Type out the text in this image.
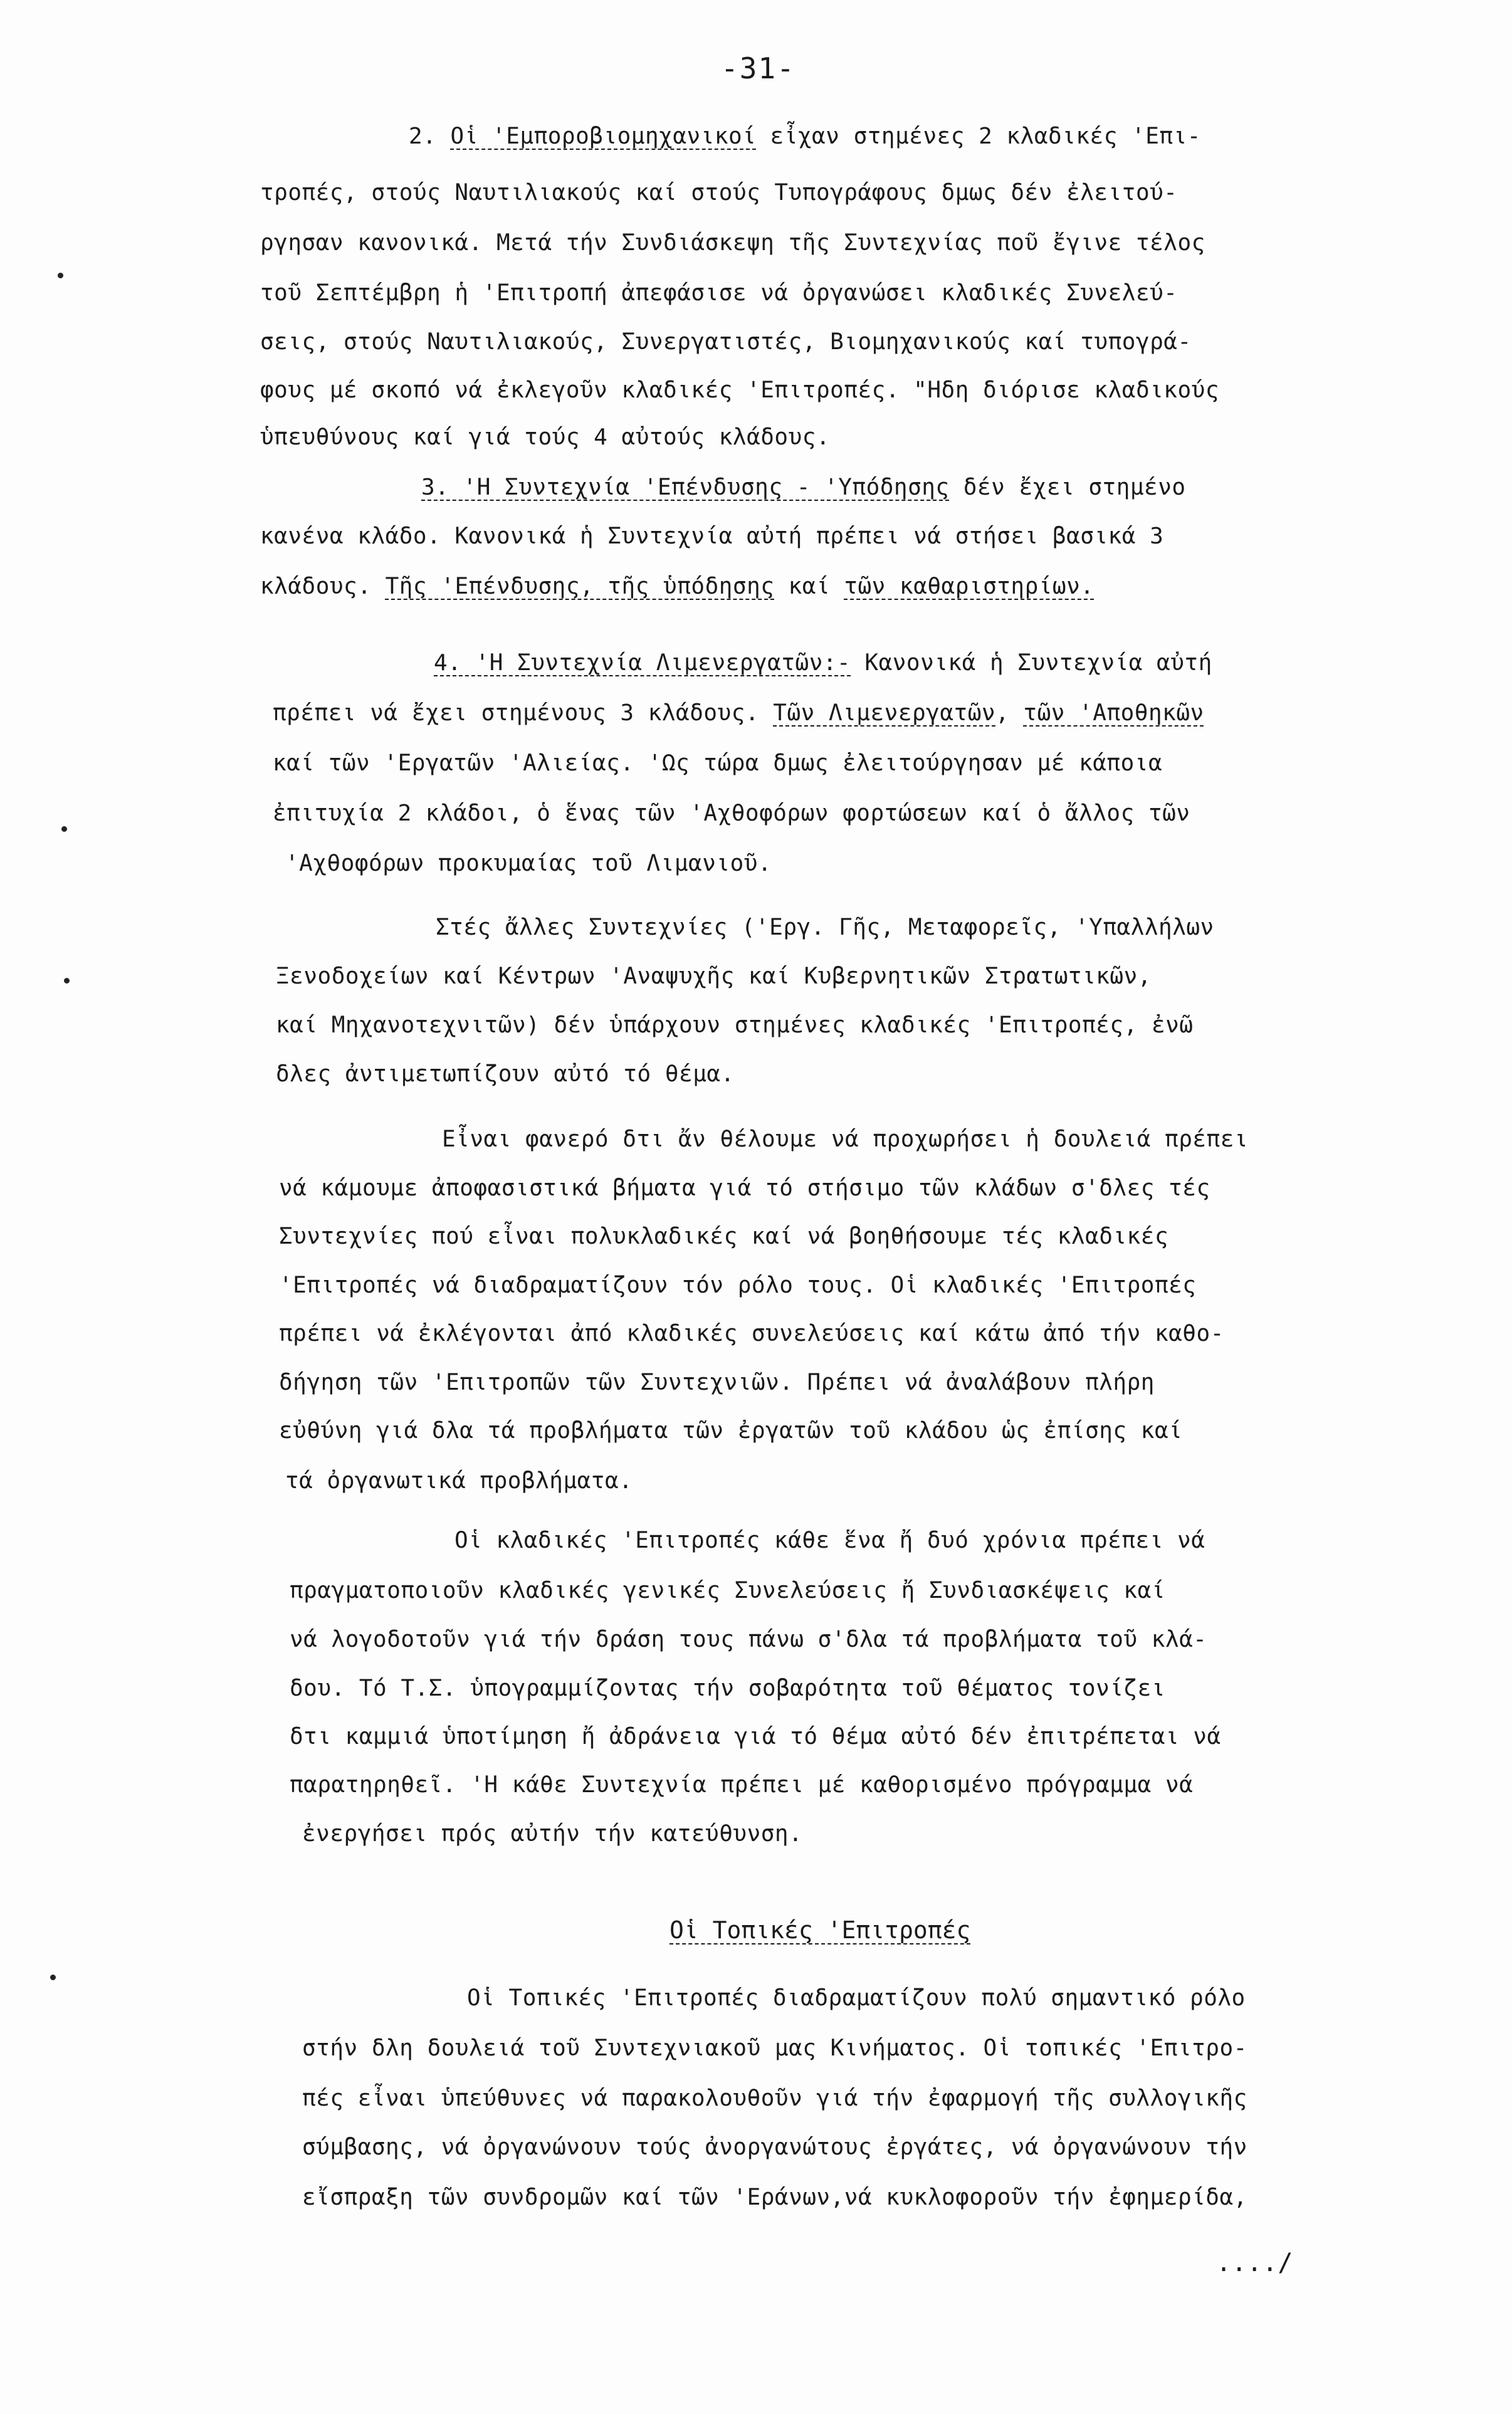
-31-
2. Οἱ 'Εμποροβιομηχανικοί εἶχαν στημένες 2 κλαδικές 'Επι-
τροπές, στούς Ναυτιλιακούς καί στούς Τυπογράφους δμως δέν ἐλειτού-
ργησαν κανονικά. Μετά τήν Συνδιάσκεψη τῆς Συντεχνίας ποῦ ἔγινε τέλος
τοῦ Σεπτέμβρη ἡ 'Επιτροπή ἀπεφάσισε νά ὀργανώσει κλαδικές Συνελεύ-
σεις, στούς Ναυτιλιακούς, Συνεργατιστές, Βιομηχανικούς καί τυπογρά-
φους μέ σκοπό νά ἐκλεγοῦν κλαδικές 'Επιτροπές. "Ηδη διόρισε κλαδικούς
ὑπευθύνους καί γιά τούς 4 αὐτούς κλάδους.
3. 'Η Συντεχνία 'Επένδυσης - 'Υπόδησης δέν ἔχει στημένο
κανένα κλάδο. Κανονικά ἡ Συντεχνία αὐτή πρέπει νά στήσει βασικά 3
κλάδους. Τῆς 'Επένδυσης, τῆς ὑπόδησης καί τῶν καθαριστηρίων.
4. 'Η Συντεχνία Λιμενεργατῶν:- Κανονικά ἡ Συντεχνία αὐτή
πρέπει νά ἔχει στημένους 3 κλάδους. Τῶν Λιμενεργατῶν, τῶν 'Αποθηκῶν
καί τῶν 'Εργατῶν 'Αλιείας. 'Ως τώρα δμως ἐλειτούργησαν μέ κάποια
ἐπιτυχία 2 κλάδοι, ὁ ἕνας τῶν 'Αχθοφόρων φορτώσεων καί ὁ ἄλλος τῶν
'Αχθοφόρων προκυμαίας τοῦ Λιμανιοῦ.
Στές ἄλλες Συντεχνίες ('Εργ. Γῆς, Μεταφορεῖς, 'Υπαλλήλων
Ξενοδοχείων καί Κέντρων 'Αναψυχῆς καί Κυβερνητικῶν Στρατωτικῶν,
καί Μηχανοτεχνιτῶν) δέν ὑπάρχουν στημένες κλαδικές 'Επιτροπές, ἐνῶ
δλες ἀντιμετωπίζουν αὐτό τό θέμα.
Εἶναι φανερό δτι ἄν θέλουμε νά προχωρήσει ἡ δουλειά πρέπει
νά κάμουμε ἀποφασιστικά βήματα γιά τό στήσιμο τῶν κλάδων σ'δλες τές
Συντεχνίες πού εἶναι πολυκλαδικές καί νά βοηθήσουμε τές κλαδικές
'Επιτροπές νά διαδραματίζουν τόν ρόλο τους. Οἱ κλαδικές 'Επιτροπές
πρέπει νά ἐκλέγονται ἀπό κλαδικές συνελεύσεις καί κάτω ἀπό τήν καθο-
δήγηση τῶν 'Επιτροπῶν τῶν Συντεχνιῶν. Πρέπει νά ἀναλάβουν πλήρη
εὐθύνη γιά δλα τά προβλήματα τῶν ἐργατῶν τοῦ κλάδου ὡς ἐπίσης καί
τά ὀργανωτικά προβλήματα.
Οἱ κλαδικές 'Επιτροπές κάθε ἕνα ἤ δυό χρόνια πρέπει νά
πραγματοποιοῦν κλαδικές γενικές Συνελεύσεις ἤ Συνδιασκέψεις καί
νά λογοδοτοῦν γιά τήν δράση τους πάνω σ'δλα τά προβλήματα τοῦ κλά-
δου. Τό Τ.Σ. ὑπογραμμίζοντας τήν σοβαρότητα τοῦ θέματος τονίζει
δτι καμμιά ὑποτίμηση ἤ ἀδράνεια γιά τό θέμα αὐτό δέν ἐπιτρέπεται νά
παρατηρηθεῖ. 'Η κάθε Συντεχνία πρέπει μέ καθορισμένο πρόγραμμα νά
ἐνεργήσει πρός αὐτήν τήν κατεύθυνση.
Οἱ Τοπικές 'Επιτροπές
Οἱ Τοπικές 'Επιτροπές διαδραματίζουν πολύ σημαντικό ρόλο
στήν δλη δουλειά τοῦ Συντεχνιακοῦ μας Κινήματος. Οἱ τοπικές 'Επιτρο-
πές εἶναι ὑπεύθυνες νά παρακολουθοῦν γιά τήν ἐφαρμογή τῆς συλλογικῆς
σύμβασης, νά ὀργανώνουν τούς ἀνοργανώτους ἐργάτες, νά ὀργανώνουν τήν
εἴσπραξη τῶν συνδρομῶν καί τῶν 'Εράνων,νά κυκλοφοροῦν τήν ἐφημερίδα,
..../
